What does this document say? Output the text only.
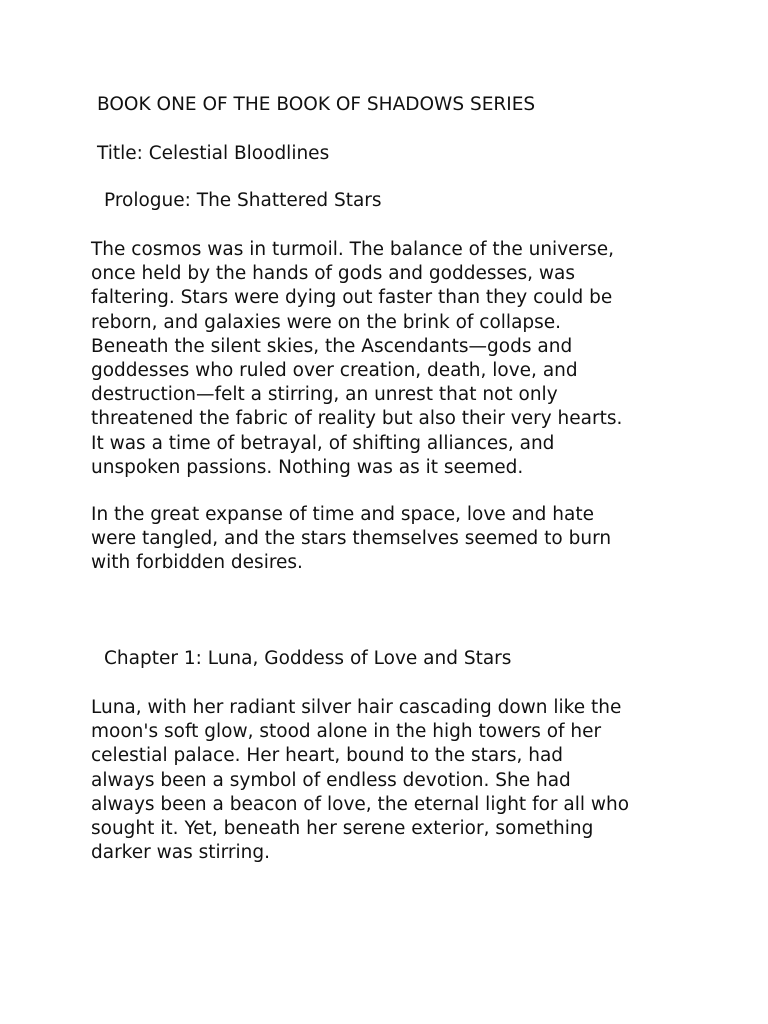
BOOK ONE OF THE BOOK OF SHADOWS SERIES
Title: Celestial Bloodlines
Prologue: The Shattered Stars

The cosmos was in turmoil. The balance of the universe,
once held by the hands of gods and goddesses, was
faltering. Stars were dying out faster than they could be
reborn, and galaxies were on the brink of collapse.
Beneath the silent skies, the Ascendants—gods and
goddesses who ruled over creation, death, love, and
destruction—felt a stirring, an unrest that not only
threatened the fabric of reality but also their very hearts.
It was a time of betrayal, of shifting alliances, and
unspoken passions. Nothing was as it seemed.

In the great expanse of time and space, love and hate
were tangled, and the stars themselves seemed to burn
with forbidden desires.

Chapter 1: Luna, Goddess of Love and Stars

Luna, with her radiant silver hair cascading down like the
moon's soft glow, stood alone in the high towers of her
celestial palace. Her heart, bound to the stars, had
always been a symbol of endless devotion. She had
always been a beacon of love, the eternal light for all who
sought it. Yet, beneath her serene exterior, something
darker was stirring.
